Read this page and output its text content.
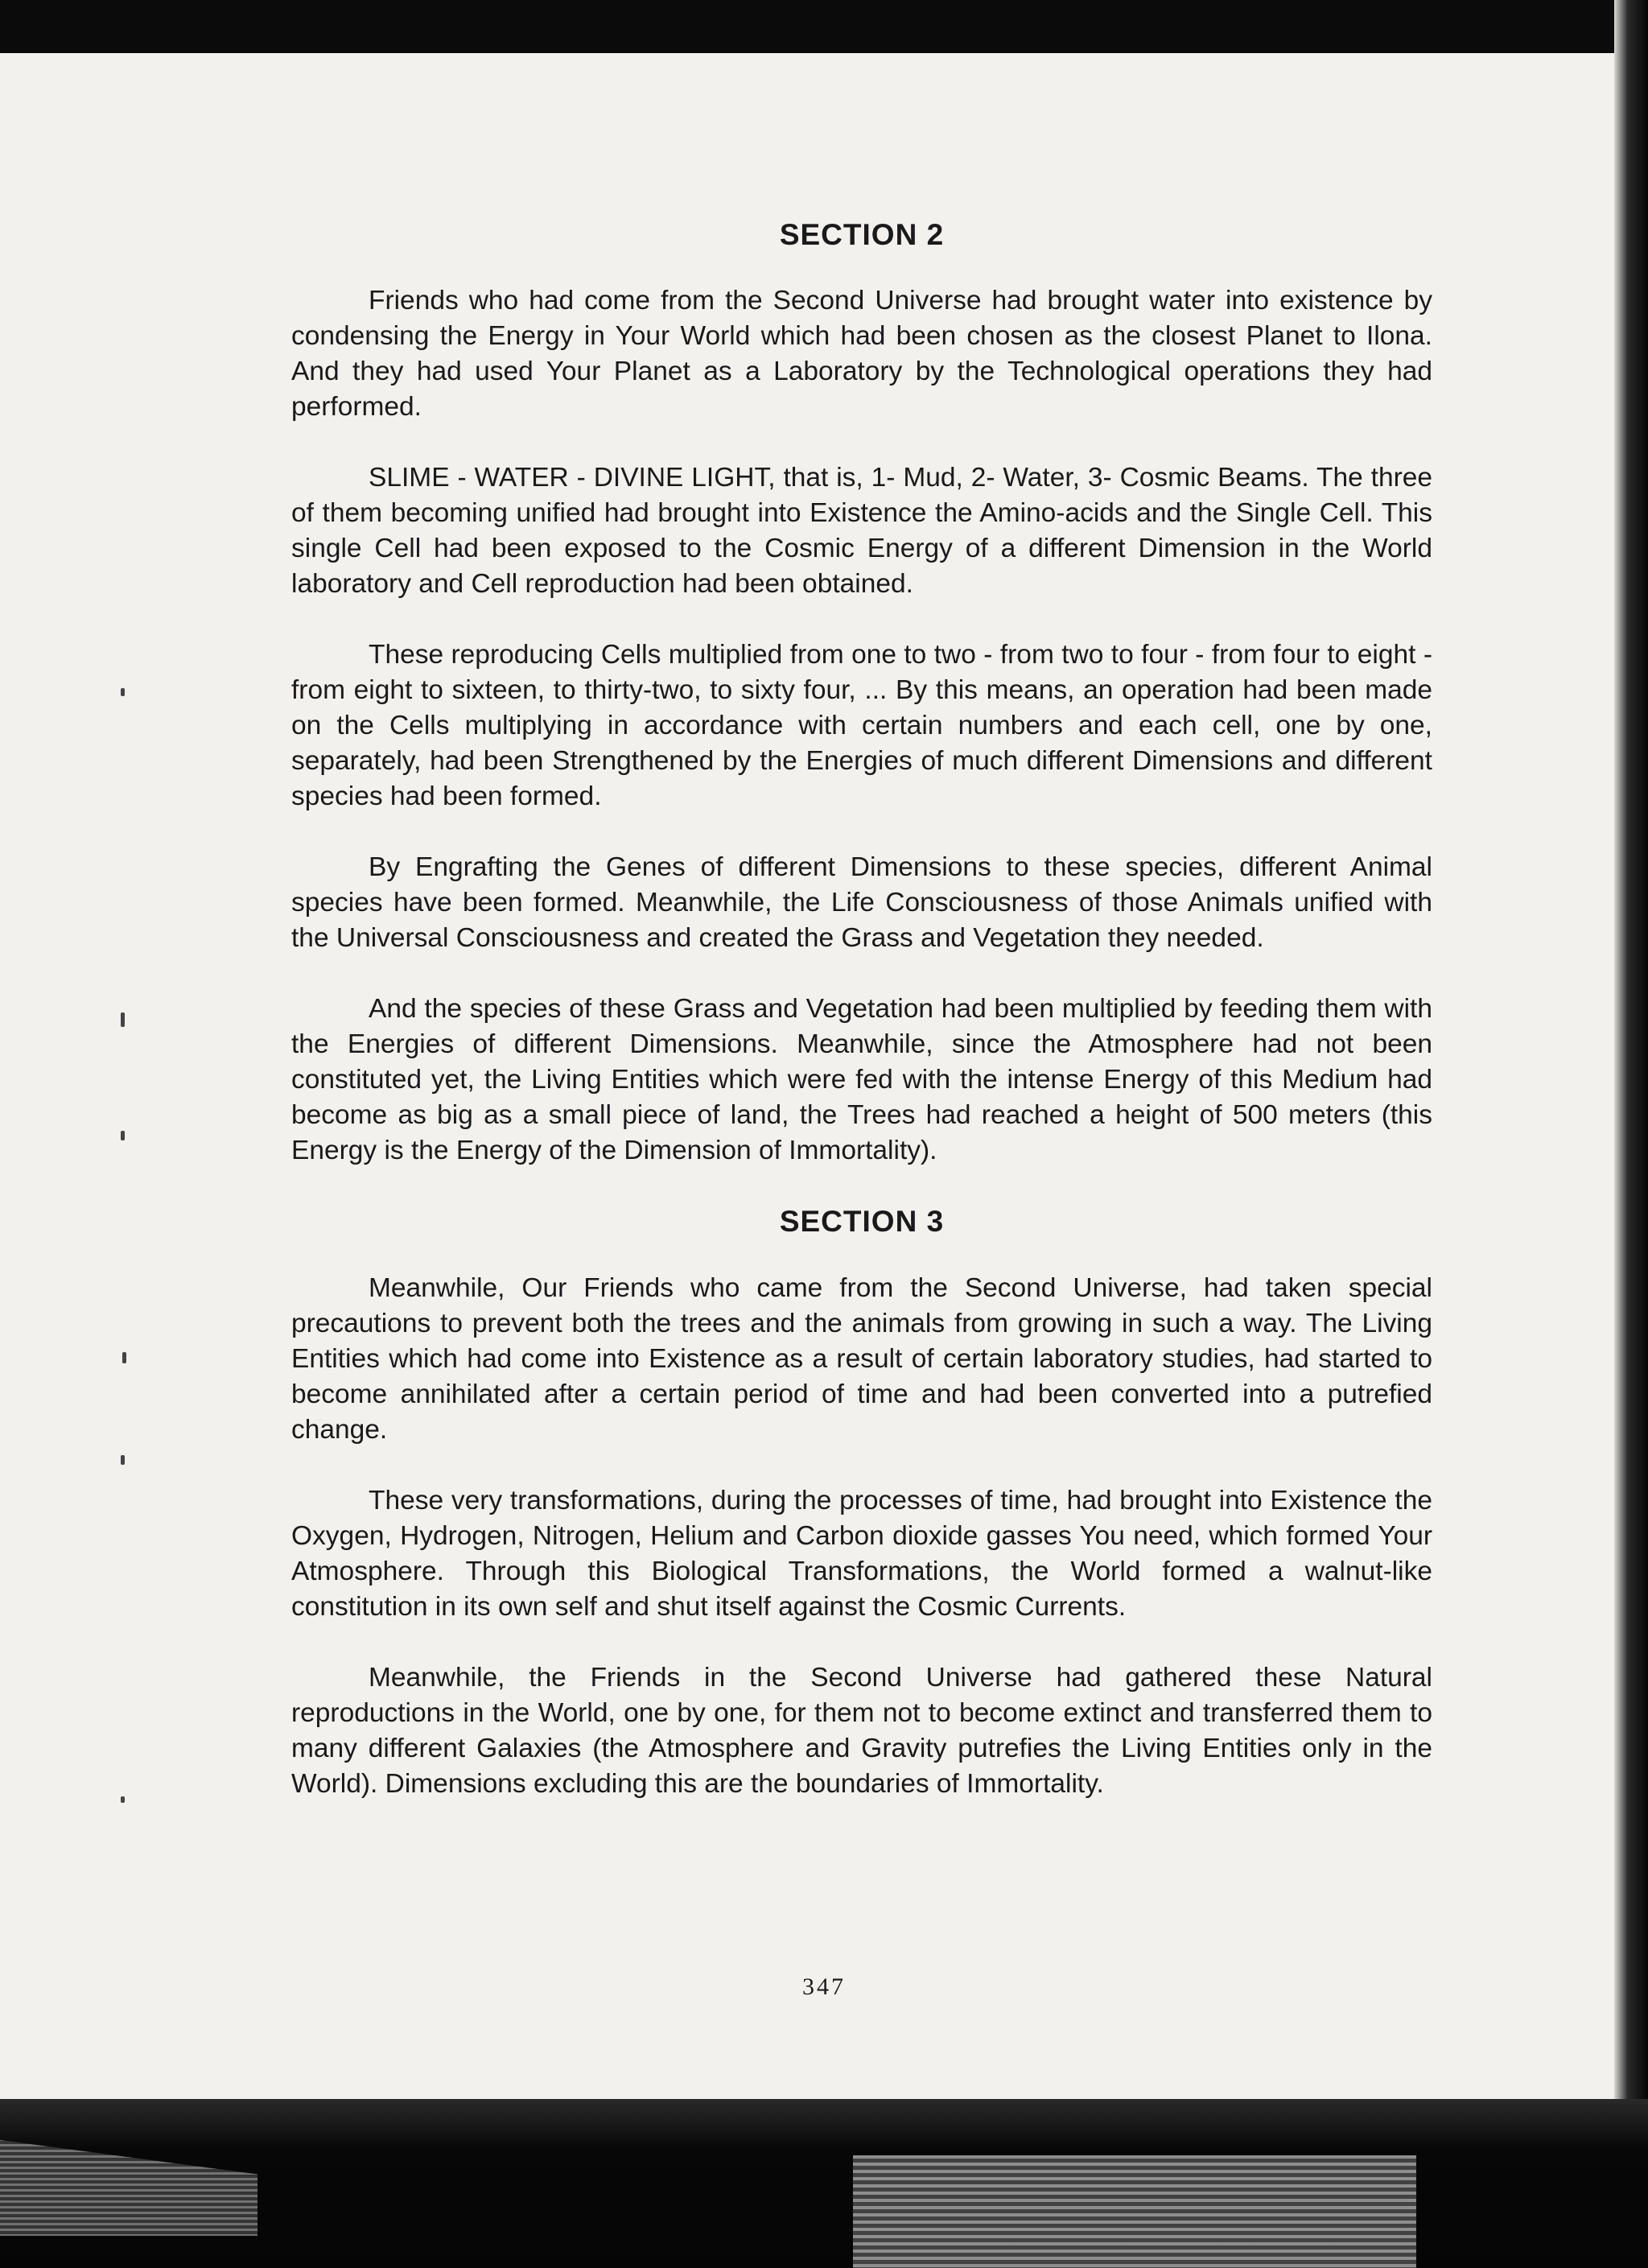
SECTION 2

Friends who had come from the Second Universe had brought water into existence by condensing the Energy in Your World which had been chosen as the closest Planet to Ilona. And they had used Your Planet as a Laboratory by the Technological operations they had performed.

SLIME - WATER - DIVINE LIGHT, that is, 1- Mud, 2- Water, 3- Cosmic Beams. The three of them becoming unified had brought into Existence the Amino-acids and the Single Cell. This single Cell had been exposed to the Cosmic Energy of a different Dimension in the World laboratory and Cell reproduction had been obtained.

These reproducing Cells multiplied from one to two - from two to four - from four to eight - from eight to sixteen, to thirty-two, to sixty four, ... By this means, an operation had been made on the Cells multiplying in accordance with certain numbers and each cell, one by one, separately, had been Strengthened by the Energies of much different Dimensions and different species had been formed.

By Engrafting the Genes of different Dimensions to these species, different Animal species have been formed. Meanwhile, the Life Consciousness of those Animals unified with the Universal Consciousness and created the Grass and Vegetation they needed.

And the species of these Grass and Vegetation had been multiplied by feeding them with the Energies of different Dimensions. Meanwhile, since the Atmosphere had not been constituted yet, the Living Entities which were fed with the intense Energy of this Medium had become as big as a small piece of land, the Trees had reached a height of 500 meters (this Energy is the Energy of the Dimension of Immortality).

SECTION 3

Meanwhile, Our Friends who came from the Second Universe, had taken special precautions to prevent both the trees and the animals from growing in such a way. The Living Entities which had come into Existence as a result of certain laboratory studies, had started to become annihilated after a certain period of time and had been converted into a putrefied change.

These very transformations, during the processes of time, had brought into Existence the Oxygen, Hydrogen, Nitrogen, Helium and Carbon dioxide gasses You need, which formed Your Atmosphere. Through this Biological Transformations, the World formed a walnut-like constitution in its own self and shut itself against the Cosmic Currents.

Meanwhile, the Friends in the Second Universe had gathered these Natural reproductions in the World, one by one, for them not to become extinct and transferred them to many different Galaxies (the Atmosphere and Gravity putrefies the Living Entities only in the World). Dimensions excluding this are the boundaries of Immortality.

347
